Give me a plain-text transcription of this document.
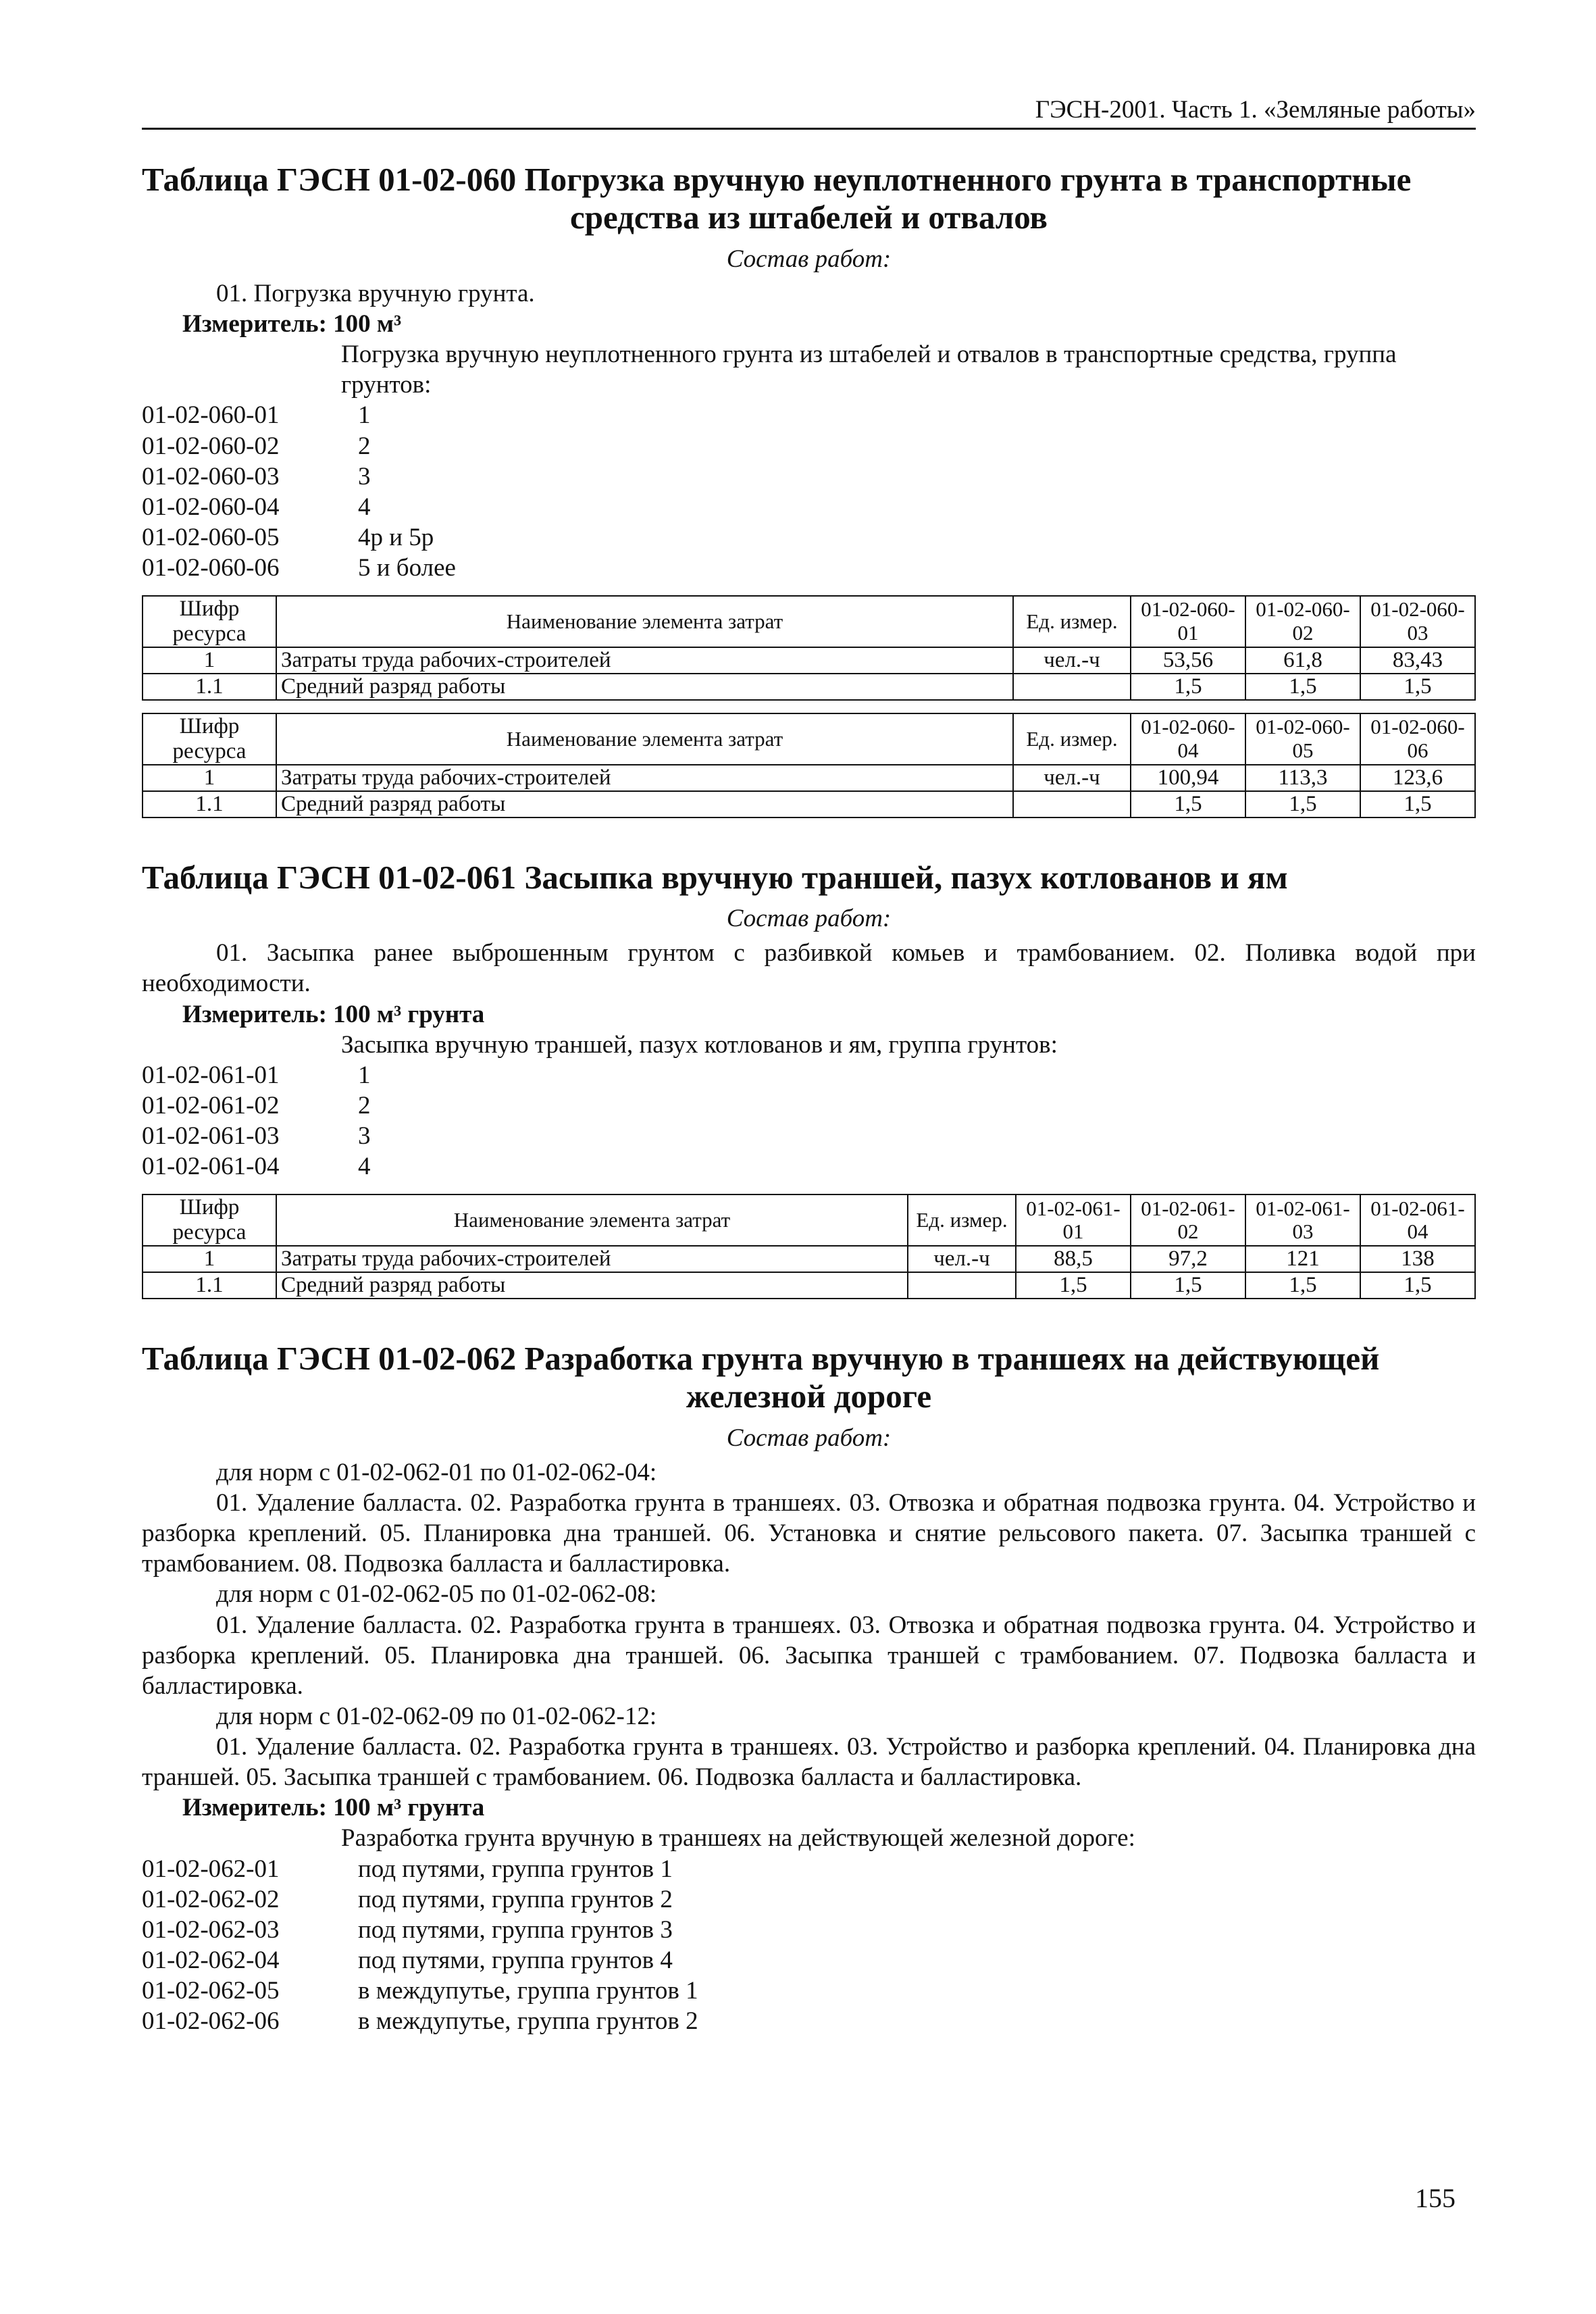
ГЭСН-2001. Часть 1. «Земляные работы»
Таблица ГЭСН 01-02-060 Погрузка вручную неуплотненного грунта в транспортные
средства из штабелей и отвалов
Состав работ:
01. Погрузка вручную грунта.
Измеритель: 100 м³
Погрузка вручную неуплотненного грунта из штабелей и отвалов в транспортные средства, группа грунтов:
01-02-060-01	1
01-02-060-02	2
01-02-060-03	3
01-02-060-04	4
01-02-060-05	4р и 5р
01-02-060-06	5 и более
Шифр ресурса	Наименование элемента затрат	Ед. измер.	01-02-060-01	01-02-060-02	01-02-060-03
1	Затраты труда рабочих-строителей	чел.-ч	53,56	61,8	83,43
1.1	Средний разряд работы		1,5	1,5	1,5
Шифр ресурса	Наименование элемента затрат	Ед. измер.	01-02-060-04	01-02-060-05	01-02-060-06
1	Затраты труда рабочих-строителей	чел.-ч	100,94	113,3	123,6
1.1	Средний разряд работы		1,5	1,5	1,5
Таблица ГЭСН 01-02-061 Засыпка вручную траншей, пазух котлованов и ям
Состав работ:

01. Засыпка ранее выброшенным грунтом с разбивкой комьев и трамбованием. 02. Поливка водой при необходимости.

Измеритель: 100 м³ грунта
Засыпка вручную траншей, пазух котлованов и ям, группа грунтов:
01-02-061-01	1
01-02-061-02	2
01-02-061-03	3
01-02-061-04	4
Шифр ресурса	Наименование элемента затрат	Ед. измер.	01-02-061-01	01-02-061-02	01-02-061-03	01-02-061-04
1	Затраты труда рабочих-строителей	чел.-ч	88,5	97,2	121	138
1.1	Средний разряд работы		1,5	1,5	1,5	1,5
Таблица ГЭСН 01-02-062 Разработка грунта вручную в траншеях на действующей
железной дороге
Состав работ:
для норм с 01-02-062-01 по 01-02-062-04:

01. Удаление балласта. 02. Разработка грунта в траншеях. 03. Отвозка и обратная подвозка грунта. 04. Устройство и разборка креплений. 05. Планировка дна траншей. 06. Установка и снятие рельсового пакета. 07. Засыпка траншей с трамбованием. 08. Подвозка балласта и балластировка.

для норм с 01-02-062-05 по 01-02-062-08:

01. Удаление балласта. 02. Разработка грунта в траншеях. 03. Отвозка и обратная подвозка грунта. 04. Устройство и разборка креплений. 05. Планировка дна траншей. 06. Засыпка траншей с трамбованием. 07. Подвозка балласта и балластировка.

для норм с 01-02-062-09 по 01-02-062-12:

01. Удаление балласта. 02. Разработка грунта в траншеях. 03. Устройство и разборка креплений. 04. Планировка дна траншей. 05. Засыпка траншей с трамбованием. 06. Подвозка балласта и балластировка.

Измеритель: 100 м³ грунта
Разработка грунта вручную в траншеях на действующей железной дороге:
01-02-062-01	под путями, группа грунтов 1
01-02-062-02	под путями, группа грунтов 2
01-02-062-03	под путями, группа грунтов 3
01-02-062-04	под путями, группа грунтов 4
01-02-062-05	в междупутье, группа грунтов 1
01-02-062-06	в междупутье, группа грунтов 2
155
